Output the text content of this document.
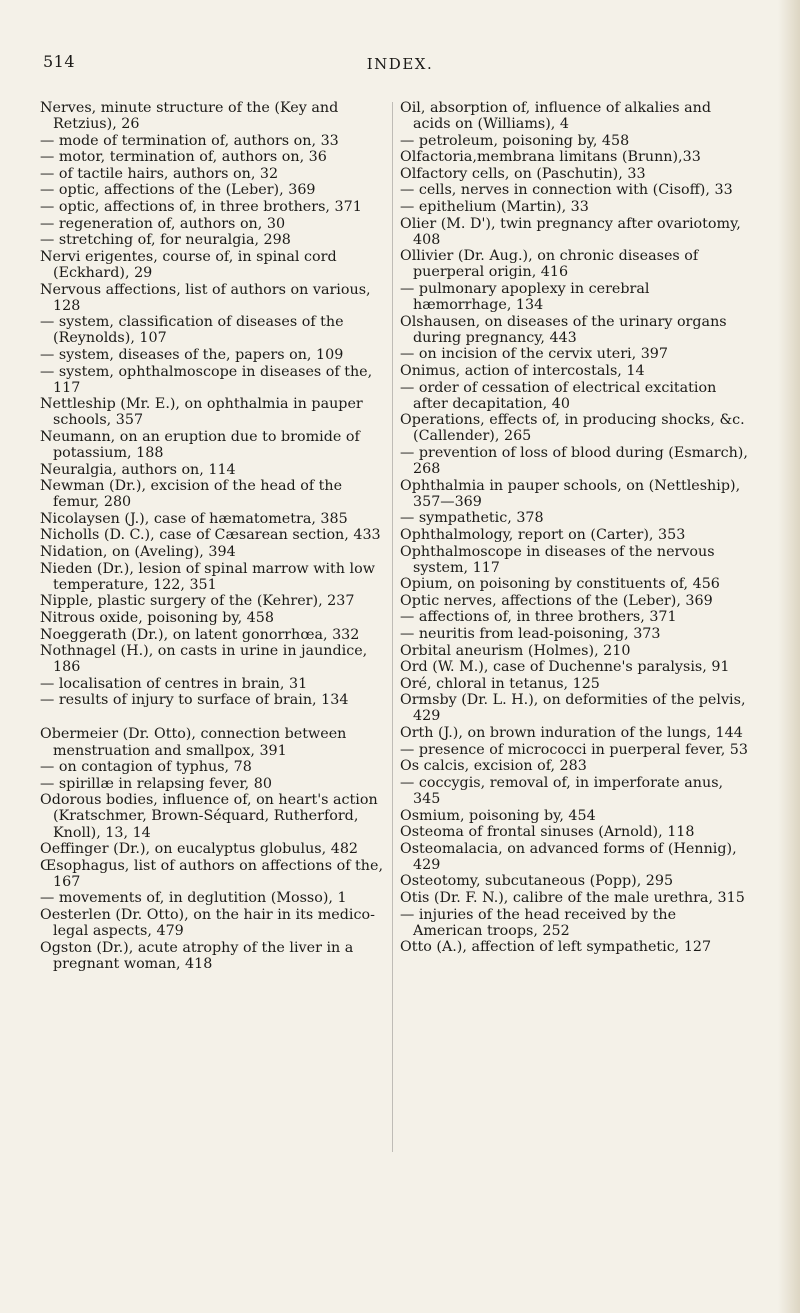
514	INDEX.
Nerves, minute structure of the (Key and Retzius), 26
— mode of termination of, authors on, 33
— motor, termination of, authors on, 36
— of tactile hairs, authors on, 32
— optic, affections of the (Leber), 369
— optic, affections of, in three brothers, 371
— regeneration of, authors on, 30
— stretching of, for neuralgia, 298
Nervi erigentes, course of, in spinal cord (Eckhard), 29
Nervous affections, list of authors on various, 128
— system, classification of diseases of the (Reynolds), 107
— system, diseases of the, papers on, 109
— system, ophthalmoscope in diseases of the, 117
Nettleship (Mr. E.), on ophthalmia in pauper schools, 357
Neumann, on an eruption due to bromide of potassium, 188
Neuralgia, authors on, 114
Newman (Dr.), excision of the head of the femur, 280
Nicolaysen (J.), case of hæmatometra, 385
Nicholls (D. C.), case of Cæsarean section, 433
Nidation, on (Aveling), 394
Nieden (Dr.), lesion of spinal marrow with low temperature, 122, 351
Nipple, plastic surgery of the (Kehrer), 237
Nitrous oxide, poisoning by, 458
Noeggerath (Dr.), on latent gonorrhœa, 332
Nothnagel (H.), on casts in urine in jaundice, 186
— localisation of centres in brain, 31
— results of injury to surface of brain, 134
Obermeier (Dr. Otto), connection between menstruation and smallpox, 391
— on contagion of typhus, 78
— spirillæ in relapsing fever, 80
Odorous bodies, influence of, on heart's action (Kratschmer, Brown-Séquard, Rutherford, Knoll), 13, 14
Oeffinger (Dr.), on eucalyptus globulus, 482
Œsophagus, list of authors on affections of the, 167
— movements of, in deglutition (Mosso), 1
Oesterlen (Dr. Otto), on the hair in its medico-legal aspects, 479
Ogston (Dr.), acute atrophy of the liver in a pregnant woman, 418
Oil, absorption of, influence of alkalies and acids on (Williams), 4
— petroleum, poisoning by, 458
Olfactoria,membrana limitans (Brunn),33
Olfactory cells, on (Paschutin), 33
— cells, nerves in connection with (Cisoff), 33
— epithelium (Martin), 33
Olier (M. D'), twin pregnancy after ovariotomy, 408
Ollivier (Dr. Aug.), on chronic diseases of puerperal origin, 416
— pulmonary apoplexy in cerebral hæmorrhage, 134
Olshausen, on diseases of the urinary organs during pregnancy, 443
— on incision of the cervix uteri, 397
Onimus, action of intercostals, 14
— order of cessation of electrical excitation after decapitation, 40
Operations, effects of, in producing shocks, &c. (Callender), 265
— prevention of loss of blood during (Esmarch), 268
Ophthalmia in pauper schools, on (Nettleship), 357—369
— sympathetic, 378
Ophthalmology, report on (Carter), 353
Ophthalmoscope in diseases of the nervous system, 117
Opium, on poisoning by constituents of, 456
Optic nerves, affections of the (Leber), 369
— affections of, in three brothers, 371
— neuritis from lead-poisoning, 373
Orbital aneurism (Holmes), 210
Ord (W. M.), case of Duchenne's paralysis, 91
Oré, chloral in tetanus, 125
Ormsby (Dr. L. H.), on deformities of the pelvis, 429
Orth (J.), on brown induration of the lungs, 144
— presence of micrococci in puerperal fever, 53
Os calcis, excision of, 283
— coccygis, removal of, in imperforate anus, 345
Osmium, poisoning by, 454
Osteoma of frontal sinuses (Arnold), 118
Osteomalacia, on advanced forms of (Hennig), 429
Osteotomy, subcutaneous (Popp), 295
Otis (Dr. F. N.), calibre of the male urethra, 315
— injuries of the head received by the American troops, 252
Otto (A.), affection of left sympathetic, 127
